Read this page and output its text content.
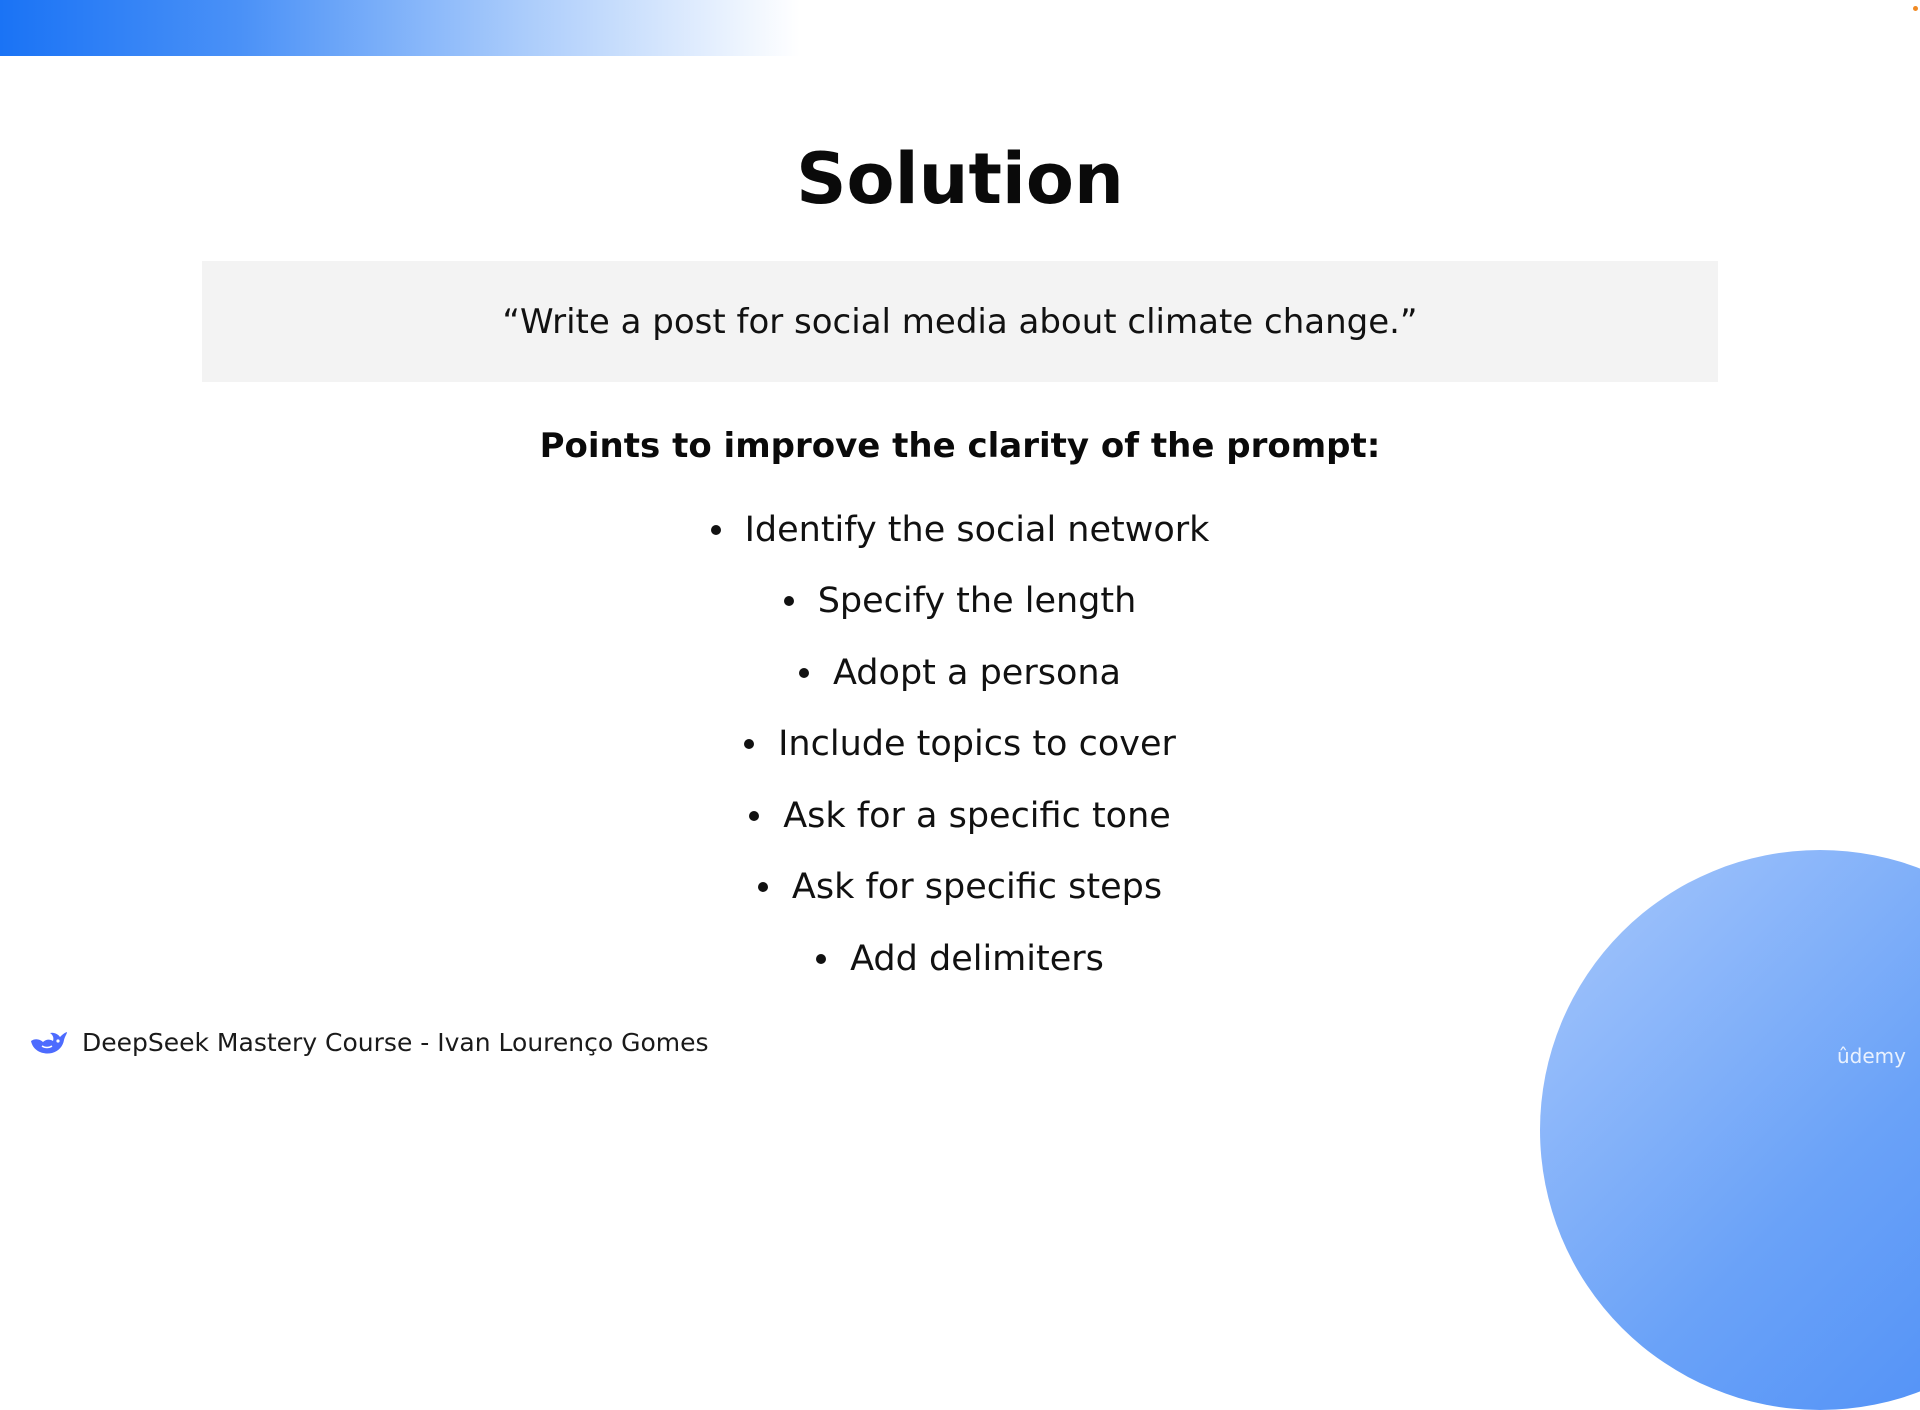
Solution
“Write a post for social media about climate change.”
Points to improve the clarity of the prompt:
Identify the social network
Specify the length
Adopt a persona
Include topics to cover
Ask for a specific tone
Ask for specific steps
Add delimiters
DeepSeek Mastery Course - Ivan Lourenço Gomes	ûdemy
